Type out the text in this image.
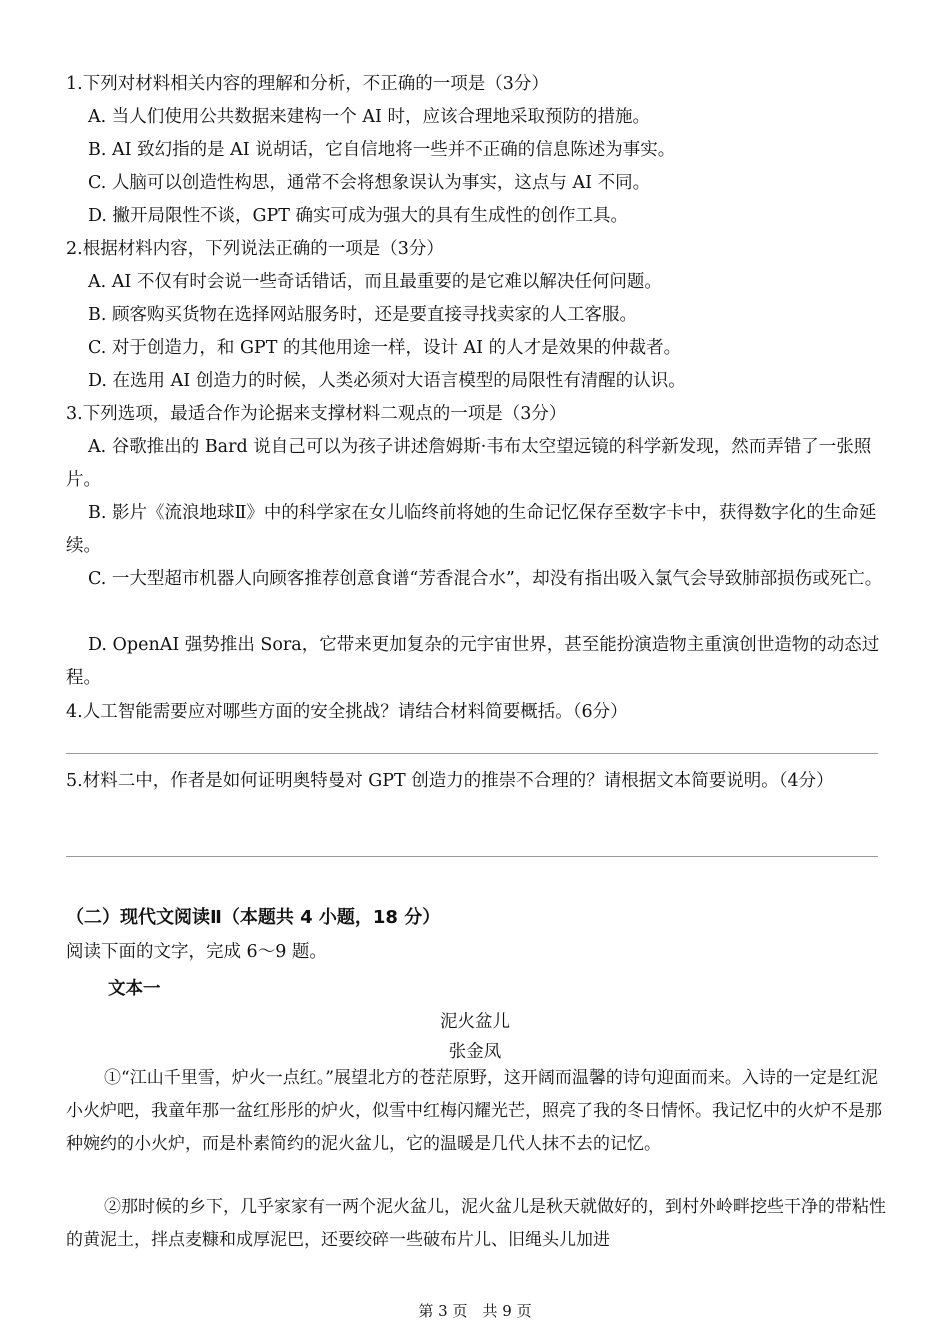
1.下列对材料相关内容的理解和分析，不正确的一项是（3分）
A. 当人们使用公共数据来建构一个 AI 时，应该合理地采取预防的措施。
B. AI 致幻指的是 AI 说胡话，它自信地将一些并不正确的信息陈述为事实。
C. 人脑可以创造性构思，通常不会将想象误认为事实，这点与 AI 不同。
D. 撇开局限性不谈，GPT 确实可成为强大的具有生成性的创作工具。
2.根据材料内容，下列说法正确的一项是（3分）
A. AI 不仅有时会说一些奇话错话，而且最重要的是它难以解决任何问题。
B. 顾客购买货物在选择网站服务时，还是要直接寻找卖家的人工客服。
C. 对于创造力，和 GPT 的其他用途一样，设计 AI 的人才是效果的仲裁者。
D. 在选用 AI 创造力的时候，人类必须对大语言模型的局限性有清醒的认识。
3.下列选项，最适合作为论据来支撑材料二观点的一项是（3分）
A. 谷歌推出的 Bard 说自己可以为孩子讲述詹姆斯·韦布太空望远镜的科学新发现，然而弄错了一张照片。
B. 影片《流浪地球Ⅱ》中的科学家在女儿临终前将她的生命记忆保存至数字卡中，获得数字化的生命延续。
C. 一大型超市机器人向顾客推荐创意食谱“芳香混合水”，却没有指出吸入氯气会导致肺部损伤或死亡。
D. OpenAI 强势推出 Sora，它带来更加复杂的元宇宙世界，甚至能扮演造物主重演创世造物的动态过程。
4.人工智能需要应对哪些方面的安全挑战？请结合材料简要概括。（6分）
5.材料二中，作者是如何证明奥特曼对 GPT 创造力的推崇不合理的？请根据文本简要说明。（4分）
（二）现代文阅读Ⅱ（本题共 4 小题，18 分）
阅读下面的文字，完成 6～9 题。
文本一
泥火盆儿
张金凤
①“江山千里雪，炉火一点红。”展望北方的苍茫原野，这开阔而温馨的诗句迎面而来。入诗的一定是红泥小火炉吧，我童年那一盆红彤彤的炉火，似雪中红梅闪耀光芒，照亮了我的冬日情怀。我记忆中的火炉不是那种婉约的小火炉，而是朴素简约的泥火盆儿，它的温暖是几代人抹不去的记忆。
②那时候的乡下，几乎家家有一两个泥火盆儿，泥火盆儿是秋天就做好的，到村外岭畔挖些干净的带粘性的黄泥土，拌点麦糠和成厚泥巴，还要绞碎一些破布片儿、旧绳头儿加进
第 3 页　共 9 页
